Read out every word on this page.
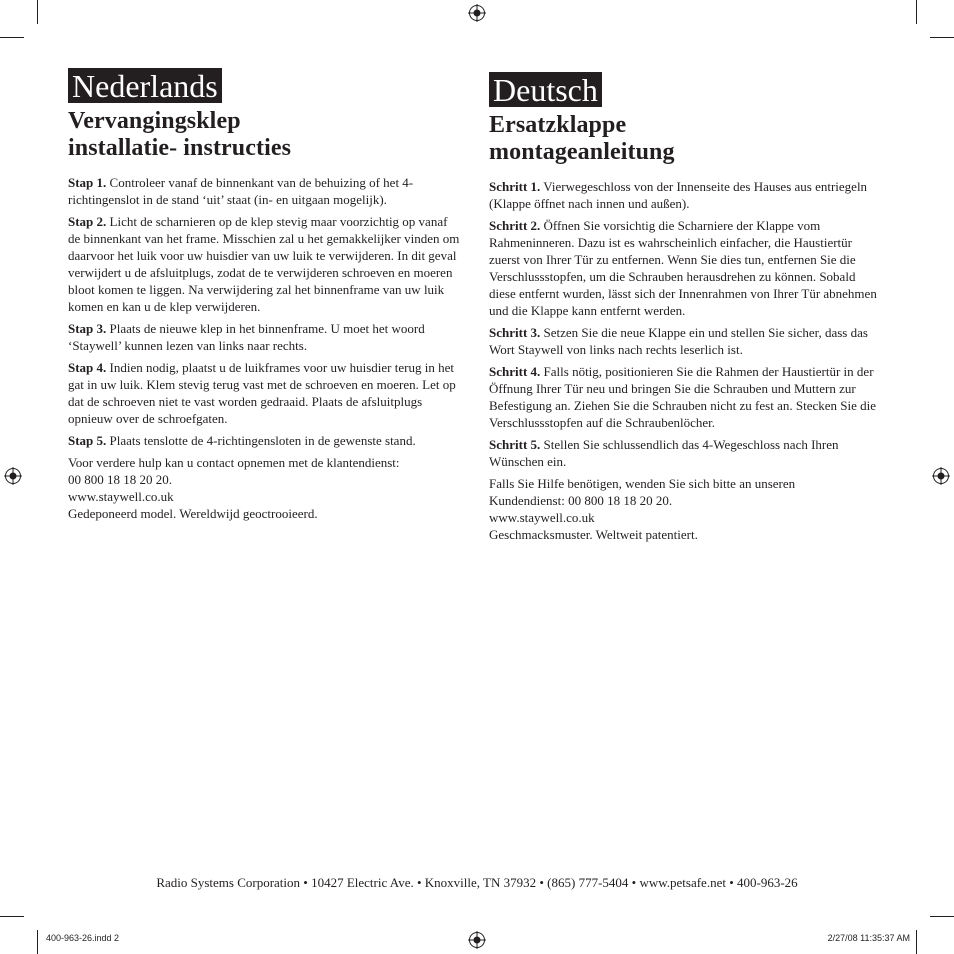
Nederlands
Vervangingsklep
installatie- instructies

Stap 1. Controleer vanaf de binnenkant van de behuizing of het 4-richtingenslot in de stand ‘uit’ staat (in- en uitgaan mogelijk).

Stap 2. Licht de scharnieren op de klep stevig maar voorzichtig op vanaf de binnenkant van het frame. Misschien zal u het gemakkelijker vinden om daarvoor het luik voor uw huisdier van uw luik te verwijderen. In dit geval verwijdert u de afsluitplugs, zodat de te verwijderen schroeven en moeren bloot komen te liggen. Na verwijdering zal het binnenframe van uw luik komen en kan u de klep verwijderen.

Stap 3. Plaats de nieuwe klep in het binnenframe. U moet het woord ‘Staywell’ kunnen lezen van links naar rechts.

Stap 4. Indien nodig, plaatst u de luikframes voor uw huisdier terug in het gat in uw luik. Klem stevig terug vast met de schroeven en moeren. Let op dat de schroeven niet te vast worden gedraaid. Plaats de afsluitplugs opnieuw over de schroefgaten.

Stap 5. Plaats tenslotte de 4-richtingensloten in de gewenste stand.

Voor verdere hulp kan u contact opnemen met de klantendienst:

00 800 18 18 20 20.

www.staywell.co.uk

Gedeponeerd model. Wereldwijd geoctrooieerd.

Deutsch
Ersatzklappe
montageanleitung

Schritt 1. Vierwegeschloss von der Innenseite des Hauses aus entriegeln (Klappe öffnet nach innen und außen).

Schritt 2. Öffnen Sie vorsichtig die Scharniere der Klappe vom Rahmeninneren. Dazu ist es wahrscheinlich einfacher, die Haustiertür zuerst von Ihrer Tür zu entfernen. Wenn Sie dies tun, entfernen Sie die Verschlussstopfen, um die Schrauben herausdrehen zu können. Sobald diese entfernt wurden, lässt sich der Innenrahmen von Ihrer Tür abnehmen und die Klappe kann entfernt werden.

Schritt 3. Setzen Sie die neue Klappe ein und stellen Sie sicher, dass das Wort Staywell von links nach rechts leserlich ist.

Schritt 4. Falls nötig, positionieren Sie die Rahmen der Haustiertür in der Öffnung Ihrer Tür neu und bringen Sie die Schrauben und Muttern zur Befestigung an. Ziehen Sie die Schrauben nicht zu fest an. Stecken Sie die Verschlussstopfen auf die Schraubenlöcher.

Schritt 5. Stellen Sie schlussendlich das 4-Wegeschloss nach Ihren Wünschen ein.

Falls Sie Hilfe benötigen, wenden Sie sich bitte an unseren

Kundendienst: 00 800 18 18 20 20.

www.staywell.co.uk

Geschmacksmuster. Weltweit patentiert.

Radio Systems Corporation • 10427 Electric Ave. • Knoxville, TN 37932 • (865) 777-5404 • www.petsafe.net • 400-963-26
400-963-26.indd 2	2/27/08 11:35:37 AM
